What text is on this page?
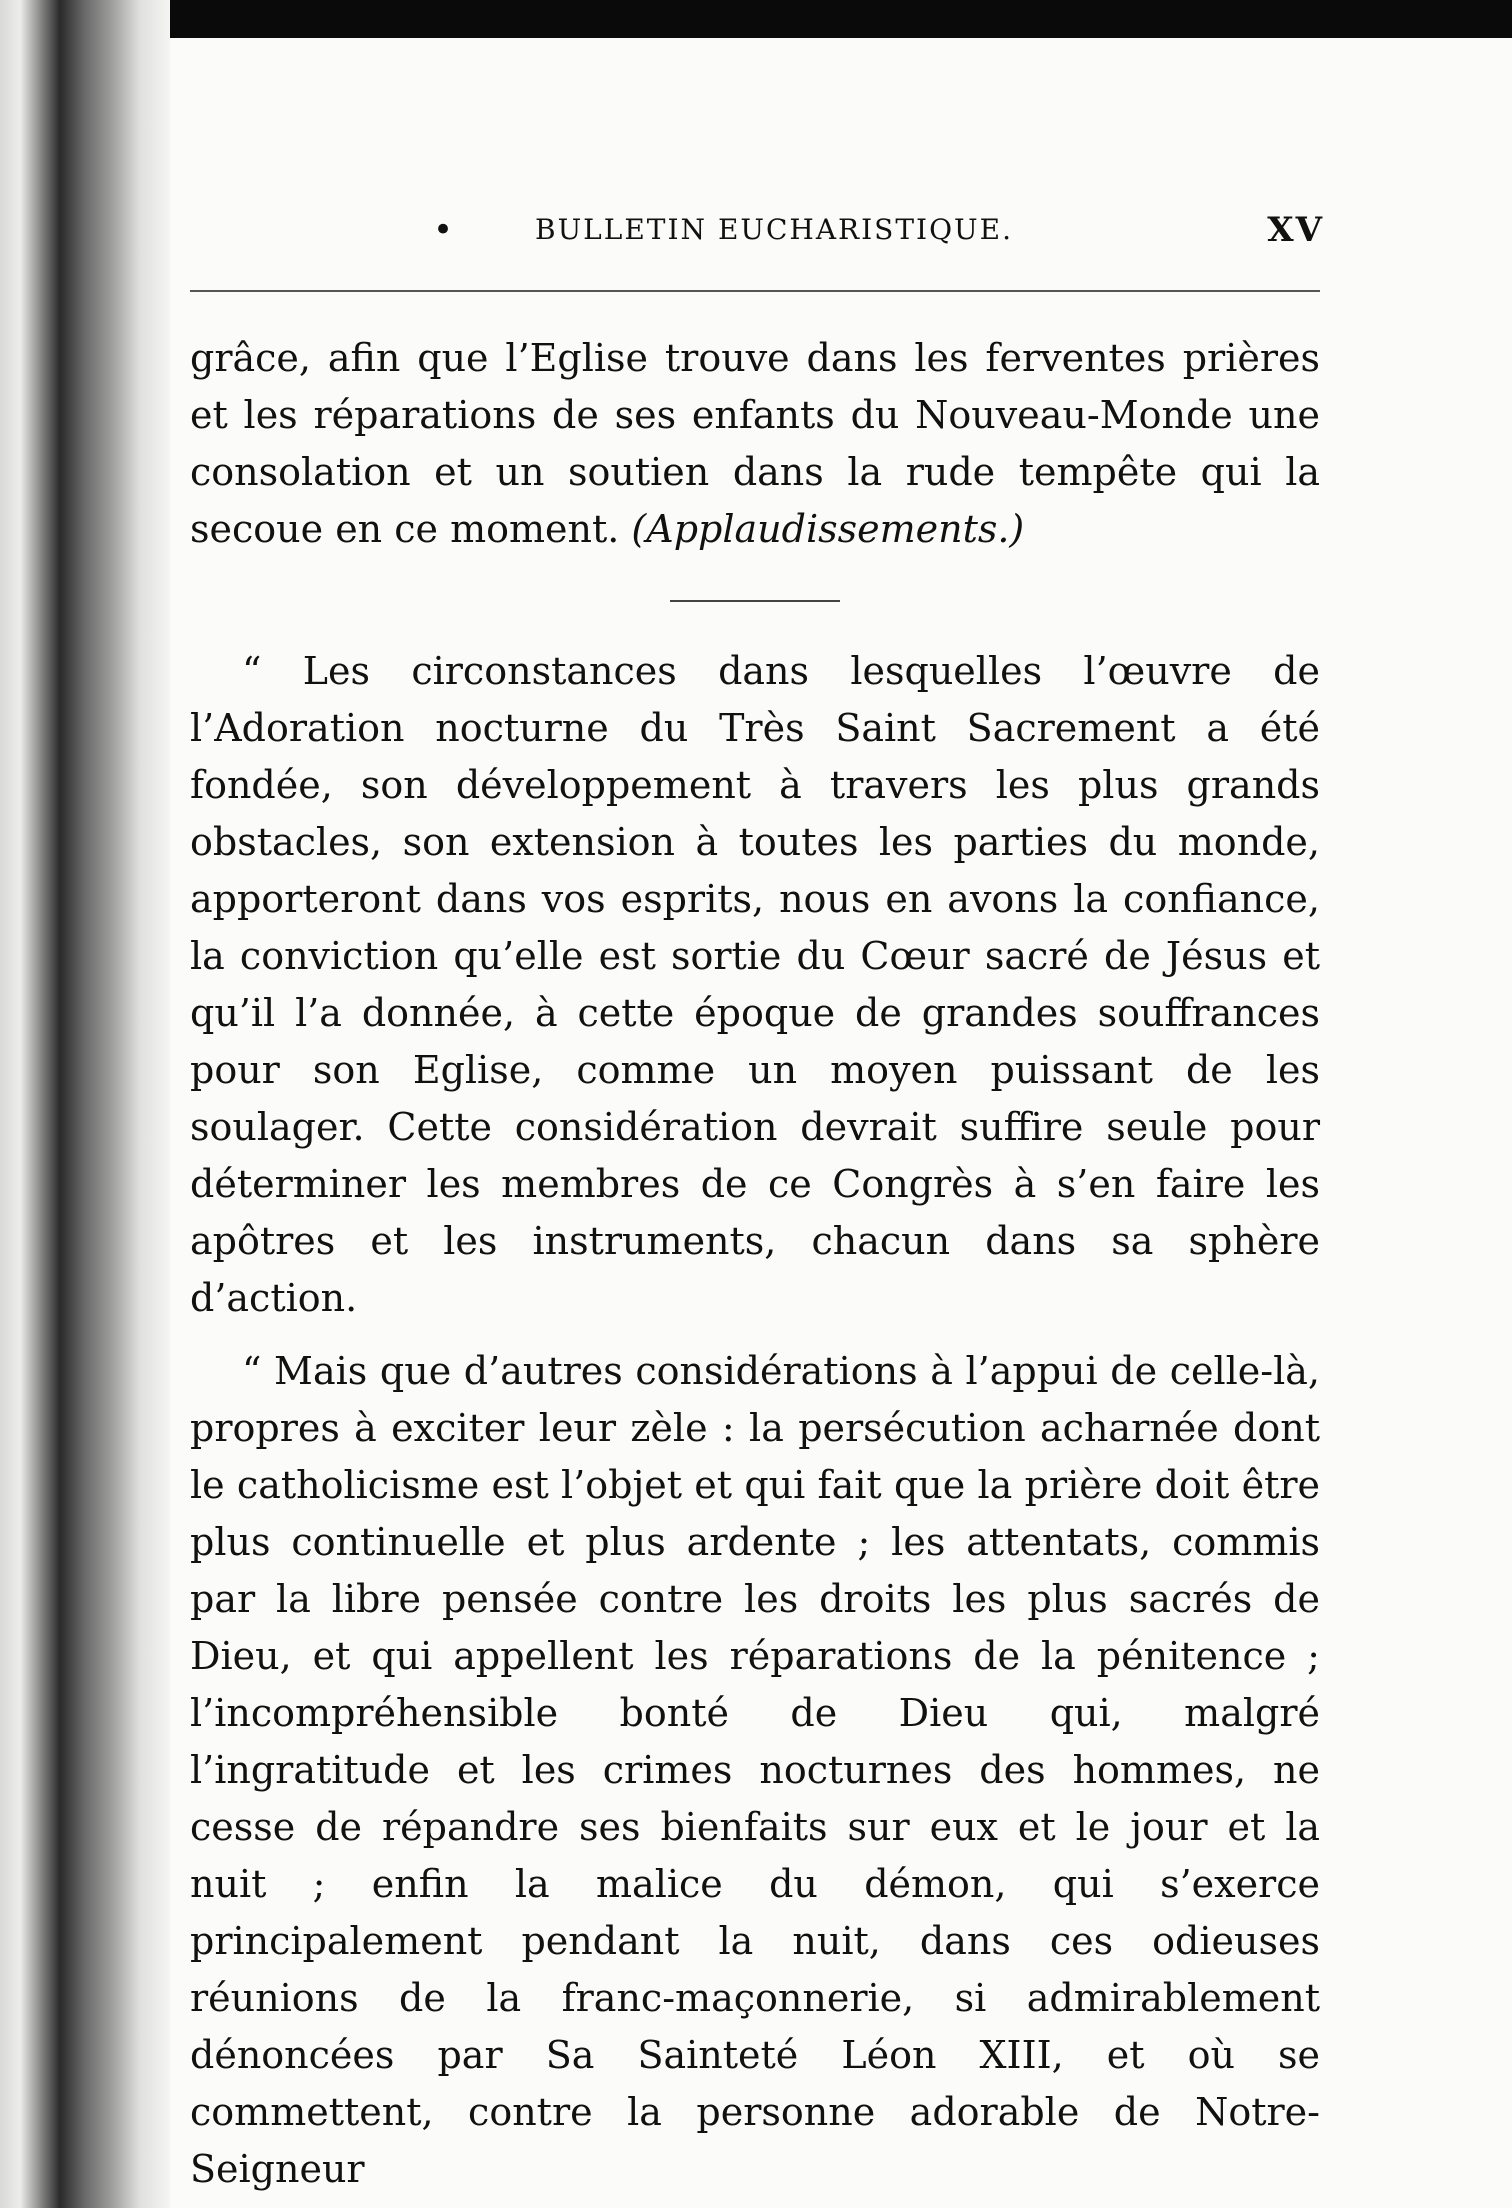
•	BULLETIN EUCHARISTIQUE.	XV

grâce, afin que l’Eglise trouve dans les ferventes prières et les réparations de ses enfants du Nouveau-Monde une consolation et un soutien dans la rude tempête qui la secoue en ce moment. (Applaudissements.)

“ Les circonstances dans lesquelles l’œuvre de l’Adoration nocturne du Très Saint Sacrement a été fondée, son développement à travers les plus grands obstacles, son extension à toutes les parties du monde, apporteront dans vos esprits, nous en avons la confiance, la conviction qu’elle est sortie du Cœur sacré de Jésus et qu’il l’a donnée, à cette époque de grandes souffrances pour son Eglise, comme un moyen puissant de les soulager. Cette considération devrait suffire seule pour déterminer les membres de ce Congrès à s’en faire les apôtres et les instruments, chacun dans sa sphère d’action.

“ Mais que d’autres considérations à l’appui de celle-là, propres à exciter leur zèle : la persécution acharnée dont le catholicisme est l’objet et qui fait que la prière doit être plus continuelle et plus ardente ; les attentats, commis par la libre pensée contre les droits les plus sacrés de Dieu, et qui appellent les réparations de la pénitence ; l’incompréhensible bonté de Dieu qui, malgré l’ingratitude et les crimes nocturnes des hommes, ne cesse de répandre ses bienfaits sur eux et le jour et la nuit ; enfin la malice du démon, qui s’exerce principalement pendant la nuit, dans ces odieuses réunions de la franc-maçonnerie, si admirablement dénoncées par Sa Sainteté Léon XIII, et où se commettent, contre la personne adorable de Notre-Seigneur
